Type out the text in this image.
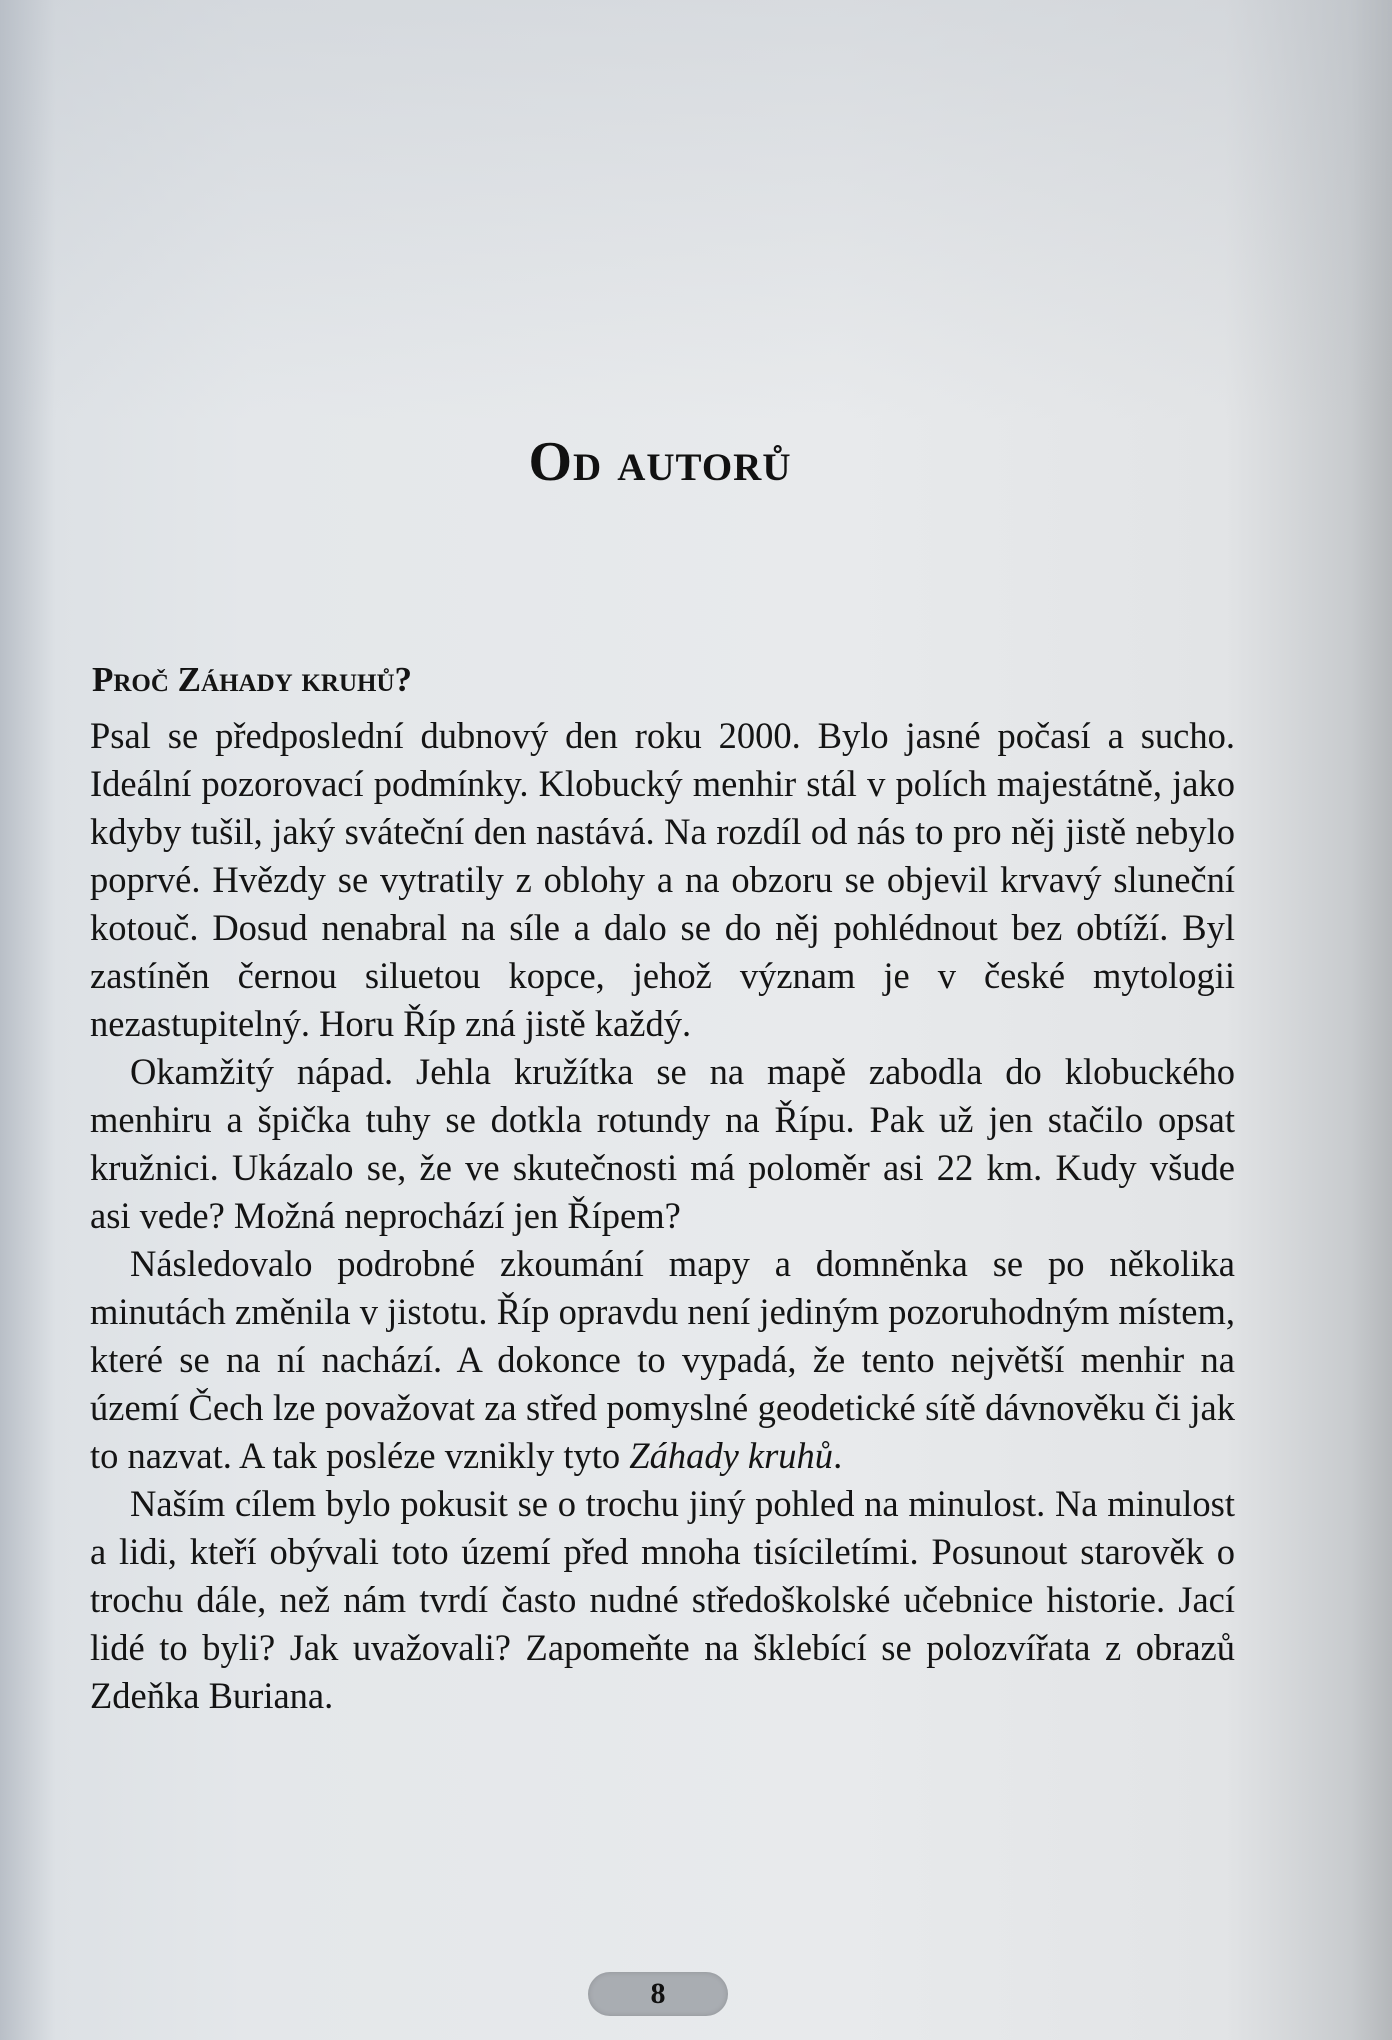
Od autorů
Proč Záhady kruhů?

Psal se předposlední dubnový den roku 2000. Bylo jasné počasí a sucho. Ideální pozorovací podmínky. Klobucký menhir stál v polích majestátně, jako kdyby tušil, jaký sváteční den nastává. Na rozdíl od nás to pro něj jistě nebylo poprvé. Hvězdy se vytratily z oblohy a na obzoru se objevil krvavý sluneční kotouč. Dosud nenabral na síle a dalo se do něj pohlédnout bez obtíží. Byl zastíněn černou siluetou kopce, jehož význam je v české mytologii nezastupitelný. Horu Říp zná jistě každý.

Okamžitý nápad. Jehla kružítka se na mapě zabodla do klobuckého menhiru a špička tuhy se dotkla rotundy na Řípu. Pak už jen stačilo opsat kružnici. Ukázalo se, že ve skutečnosti má poloměr asi 22 km. Kudy všude asi vede? Možná neprochází jen Řípem?

Následovalo podrobné zkoumání mapy a domněnka se po několika minutách změnila v jistotu. Říp opravdu není jediným pozoruhodným místem, které se na ní nachází. A dokonce to vypadá, že tento největší menhir na území Čech lze považovat za střed pomyslné geodetické sítě dávnověku či jak to nazvat. A tak posléze vznikly tyto Záhady kruhů.

Naším cílem bylo pokusit se o trochu jiný pohled na minulost. Na minulost a lidi, kteří obývali toto území před mnoha tisíciletími. Posunout starověk o trochu dále, než nám tvrdí často nudné středoškolské učebnice historie. Jací lidé to byli? Jak uvažovali? Zapomeňte na šklebící se polozvířata z obrazů Zdeňka Buriana.

8
